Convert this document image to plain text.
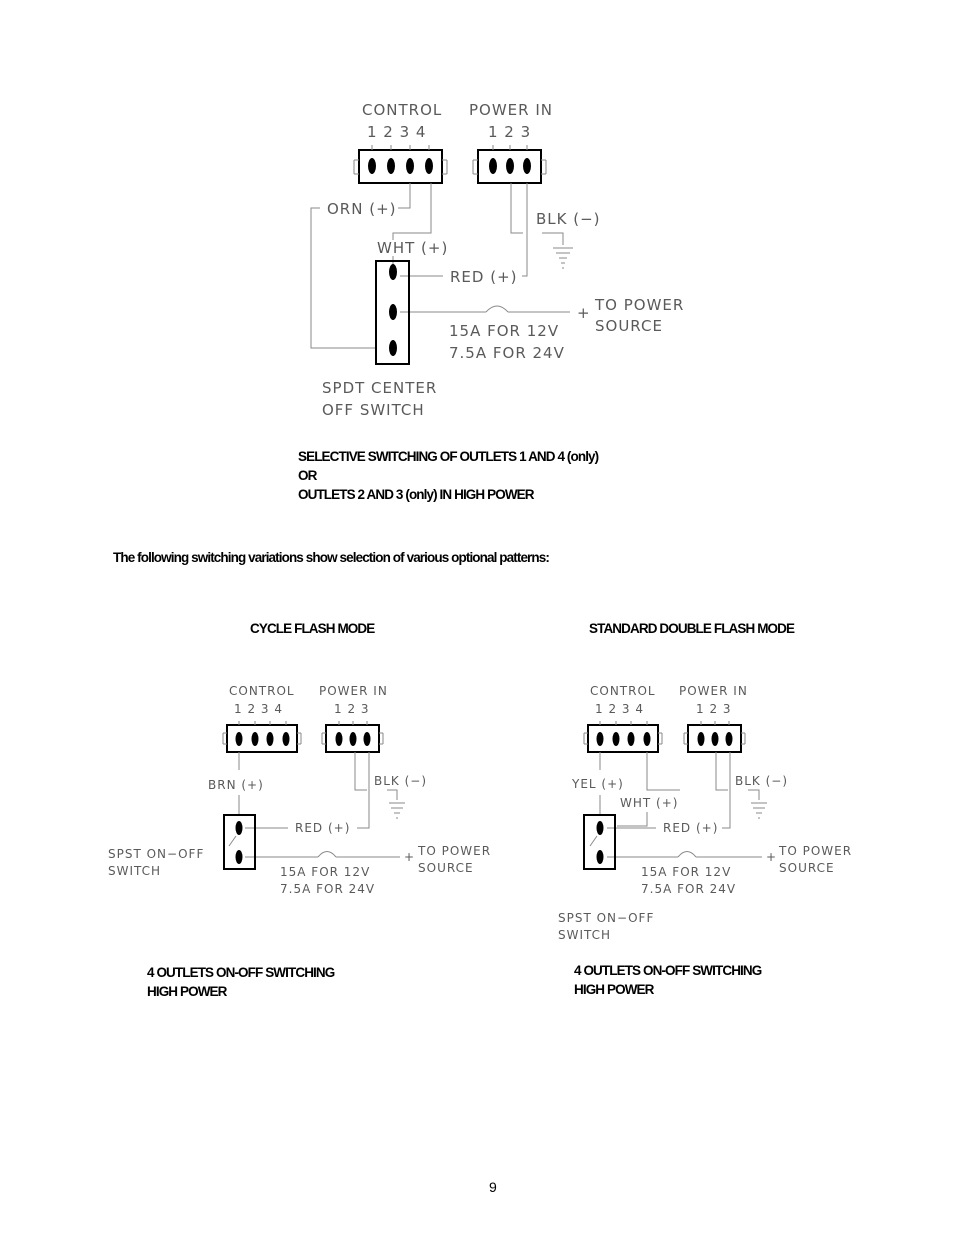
CONTROL
1 2 3 4
POWER IN
1 2 3
ORN (+)
WHT (+)
BLK (−)
RED (+)
+ TO POWER
SOURCE
15A FOR 12V
7.5A FOR 24V
SPDT CENTER
OFF SWITCH
CONTROL
1 2 3 4
POWER IN
1 2 3
BRN (+)	BLK (−)
RED (+)
SPST ON−OFF
SWITCH
+ TO POWER
SOURCE
15A FOR 12V
7.5A FOR 24V
CONTROL
1 2 3 4
POWER IN
1 2 3
YEL (+)
WHT (+)
BLK (−)
RED (+)
+ TO POWER
SOURCE
15A FOR 12V
7.5A FOR 24V
SPST ON−OFF
SWITCH
SELECTIVE SWITCHING OF OUTLETS 1 AND 4 (only)
OR
OUTLETS 2 AND 3 (only) IN HIGH POWER
The following switching variations show selection of various optional patterns:
CYCLE FLASH MODE	STANDARD DOUBLE FLASH MODE
4 OUTLETS ON-OFF SWITCHING
HIGH POWER
4 OUTLETS ON-OFF SWITCHING
HIGH POWER
9
